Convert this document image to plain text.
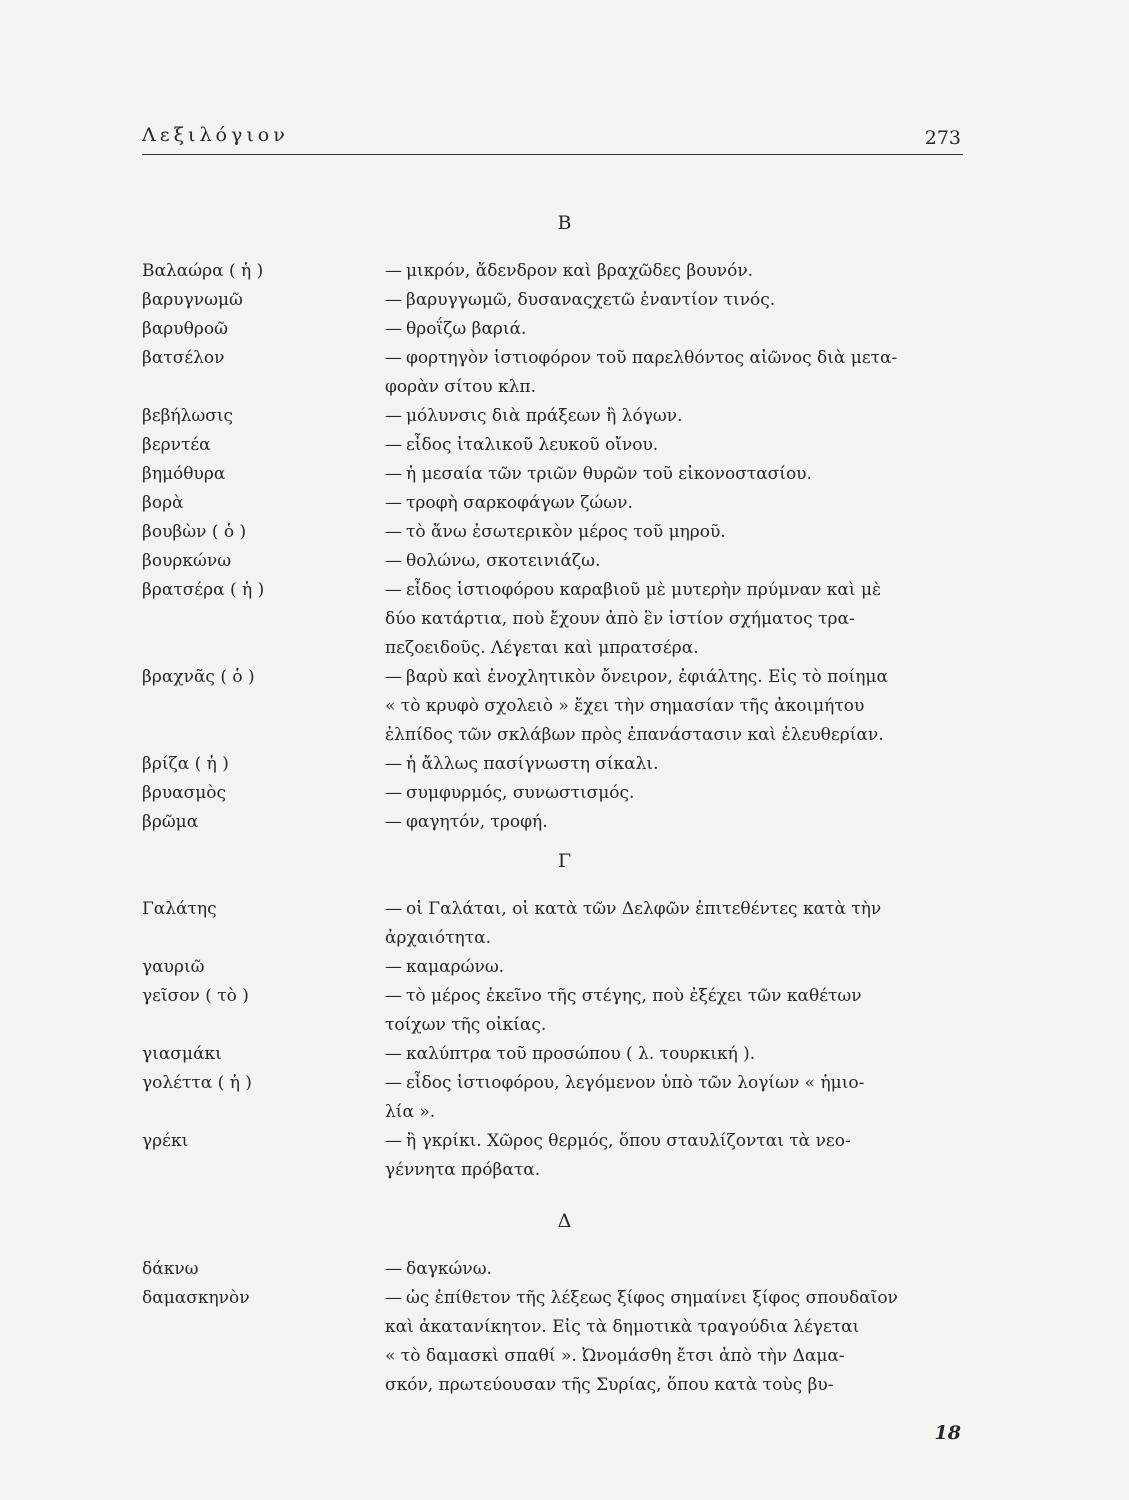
Λεξιλόγιον	273
Β
Βαλαώρα ( ἡ )	— μικρόν, ἄδενδρον καὶ βραχῶδες βουνόν.
βαρυγνωμῶ	— βαρυγγωμῶ, δυσαναςχετῶ ἐναντίον τινός.
βαρυθροῶ	— θροΐζω βαριά.
βατσέλον	— φορτηγὸν ἱστιοφόρον τοῦ παρελθόντος αἰῶνος διὰ μετα-
φορὰν σίτου κλπ.
βεβήλωσις	— μόλυνσις διὰ πράξεων ἢ λόγων.
βερντέα	— εἶδος ἰταλικοῦ λευκοῦ οἴνου.
βημόθυρα	— ἡ μεσαία τῶν τριῶν θυρῶν τοῦ εἰκονοστασίου.
βορὰ	— τροφὴ σαρκοφάγων ζώων.
βουβὼν ( ὁ )	— τὸ ἄνω ἐσωτερικὸν μέρος τοῦ μηροῦ.
βουρκώνω	— θολώνω, σκοτεινιάζω.
βρατσέρα ( ἡ )	— εἶδος ἱστιοφόρου καραβιοῦ μὲ μυτερὴν πρύμναν καὶ μὲ
δύο κατάρτια, ποὺ ἔχουν ἀπὸ ἓν ἱστίον σχήματος τρα-
πεζοειδοῦς. Λέγεται καὶ μπρατσέρα.
βραχνᾶς ( ὁ )	— βαρὺ καὶ ἐνοχλητικὸν ὄνειρον, ἐφιάλτης. Εἰς τὸ ποίημα
« τὸ κρυφὸ σχολειὸ » ἔχει τὴν σημασίαν τῆς ἀκοιμήτου
ἐλπίδος τῶν σκλάβων πρὸς ἐπανάστασιν καὶ ἐλευθερίαν.
βρίζα ( ἡ )	— ἡ ἄλλως πασίγνωστη σίκαλι.
βρυασμὸς	— συμφυρμός, συνωστισμός.
βρῶμα	— φαγητόν, τροφή.
Γ
Γαλάτης	— οἱ Γαλάται, οἱ κατὰ τῶν Δελφῶν ἐπιτεθέντες κατὰ τὴν
ἀρχαιότητα.
γαυριῶ	— καμαρώνω.
γεῖσον ( τὸ )	— τὸ μέρος ἐκεῖνο τῆς στέγης, ποὺ ἐξέχει τῶν καθέτων
τοίχων τῆς οἰκίας.
γιασμάκι	— καλύπτρα τοῦ προσώπου ( λ. τουρκική ).
γολέττα ( ἡ )	— εἶδος ἱστιοφόρου, λεγόμενον ὑπὸ τῶν λογίων « ἡμιο-
λία ».
γρέκι	— ἢ γκρίκι. Χῶρος θερμός, ὅπου σταυλίζονται τὰ νεο-
γέννητα πρόβατα.
Δ
δάκνω	— δαγκώνω.
δαμασκηνὸν	— ὡς ἐπίθετον τῆς λέξεως ξίφος σημαίνει ξίφος σπουδαῖον
καὶ ἀκατανίκητον. Εἰς τὰ δημοτικὰ τραγούδια λέγεται
« τὸ δαμασκὶ σπαθί ». Ὠνομάσθη ἔτσι ἀπὸ τὴν Δαμα-
σκόν, πρωτεύουσαν τῆς Συρίας, ὅπου κατὰ τοὺς βυ-
18
